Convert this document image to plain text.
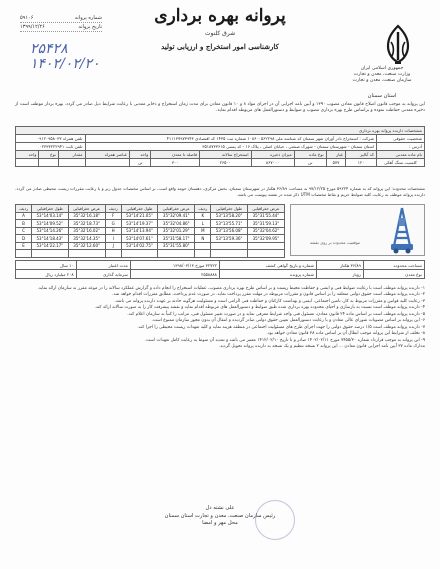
جمهوری اسلامی ایران
وزارت صنعت، معدن و تجارت
سازمان صنعت، معدن و تجارت
استان سمنان
پروانه بهره برداری
شرق کلنوت
کارشناسی امور استخراج و ارزیابی تولید
شماره پروانه
۵۹۱۰۶
تاریخ پروانه
۱۳۹۹/۱۲/۲۶
۲۵۴۲۸
۱۴۰۲/۰۲/۲۰
این پروانه به موجب قانون اصلاح قانون معادن مصوب ۱۳۹۰ و آیین نامه اجرایی آن در اجرای مواد ۸ و ۱۰ قانون معادن برای مدت زمان استخراج و ذخایر معدنی با رعایت شرایط ذیل صادر می گردد. بهره بردار موظف است از ذخیره معدنی حفاظت نموده و براساس طرح بهره برداری مصوب و ضوابط و دستورالعمل های مربوطه اقدام نماید.
مشخصات دارنده پروانه بهره برداری											
شخصیت حقوقی	شرکت : استخراج نادر آوران شهر سمنان کد شناسه ملی ۱۰۸۶۰۰۵۶۲۲۹۸ شماره ثبت ۱۴۳۵ کد اقتصادی ۴۱۱۱۳۷۹۷۳۹۴۳								تلفن همراه ۰۹۱۲۰۹۵۸۰۳۳		
آدرس :	استان سمنان - شهرستان سمنان - شهرک صنعتی ، خیابان اصلی ، پلاک ۱۶ - کد پستی ۳۵۱۸۷۳۳۶۱۵								تلفن ثابت ۰۲۳۳۳۲۲۲۹۴۱		
نام ماده معدنی	کد آنالیز	عیار	نوع ماده	میزان ذخیره	استخراج سالانه	فاصله تا معدن	واحد	عناصر همراه	مقدار	نوع	واحد
کلسیت سنگ آهکی	۱۲۰	۵۷۷	تن	۸۶۷۰۰۰	۲۶۵۰۰	۳۰۰	تن				
مشخصات محدوده: این پروانه که به شماره ۵۹۲۲۴ مورخ ۹۷/۱۲/۲۵ به مساحت ۳۶/۸۹ هکتار در شهرستان سمنان، بخش مرکزی، دهستان حومه واقع است، بر اساس مختصات جدول زیر و با رعایت مقررات زیست محیطی صادر می گردد. دارنده پروانه موظف به رعایت کلیه ضوابط حریم و نقاط مختصات UTM ذکر شده در نقشه پیوست می باشد.
ردیف	طول جغرافیایی	عرض جغرافیایی	ردیف	طول جغرافیایی	عرض جغرافیایی	ردیف	طول جغرافیایی	عرض جغرافیایی
A	53°14'03.14"	35°32'16.18"	F	53°14'21.05"	35°32'09.41"	K	53°13'58.20"	35°31'55.44"
B	53°14'09.52"	35°32'18.73"	G	53°14'19.37"	35°32'04.86"	L	53°13'55.71"	35°31'59.13"
C	53°14'14.26"	35°32'16.02"	H	53°14'13.94"	35°32'01.29"	M	53°13'56.08"	35°32'04.62"
D	53°14'18.43"	35°32'14.35"	I	53°14'07.61"	35°31'58.17"	N	53°13'59.36"	35°32'09.95"
E	53°14'22.17"	35°32'12.60"	J	53°14'02.75"	35°31'55.80"			

موقعیت محدوده بر روی نقشه
مساحت محدوده	۳۶/۸۹ هکتار	شماره و تاریخ گواهی کشف	۳۲۷۲۲ مورخ ۱۳۹۸/۰۳/۱۳	مدت اعتبار	۱۰ سال
نوع معدن	روباز	شماره پرونده	۲۵۵۸۸۸۸	سرمایه گذاری	۲۰۸ میلیارد ریال

۱- دارنده پروانه موظف است با رعایت ضوابط فنی و ایمنی و حفاظت محیط زیست و بر اساس طرح بهره برداری مصوب، عملیات استخراج را انجام داده و گزارش عملکرد سالانه را در موعد مقرر به سازمان ارائه نماید.

۲- دارنده پروانه موظف است حقوق دولتی متعلقه را بر اساس قانون و مقررات مربوطه در مهلت مقرر پرداخت نماید. در صورت عدم پرداخت، مطابق مقررات اقدام خواهد شد.

۳- رعایت کلیه قوانین و مقررات مربوط به کار، تامین اجتماعی، ایمنی و بهداشت کارکنان و حفاظت فنی الزامی است و مسئولیت هرگونه حادثه بر عهده دارنده پروانه می باشد.

۴- دارنده پروانه موظف است نسبت به بازسازی و احیای محدوده بهره برداری شده طبق ضوابط و دستورالعمل های مربوطه اقدام نماید و نقشه پیشرفت کار را به صورت سالانه ارائه کند.

۵- دارنده پروانه موظف است بر اساس ماده ۲۴ قانون معادن، مسئول فنی واجد شرایط معرفی نماید و در صورت تغییر مسئول فنی، مراتب را کتباً به سازمان اعلام کند.

۶- این پروانه بر اساس مصوبات شورای عالی معادن و با رعایت دستورالعمل تعیین حقوق دولتی صادر گردیده و انتقال آن بدون مجوز سازمان ممنوع است.

۷- دارنده پروانه موظف است ۱/۵ درصد حقوق دولتی را جهت اجرای طرح های مسئولیت اجتماعی در منطقه هزینه نماید و کلیه تعهدات زیست محیطی را اجرا کند.

۸- تخلف از شرایط این پروانه موجب ابطال آن بر اساس ماده ۳۸ قانون معادن خواهد بود.

۹- این پروانه به موجب قرارداد شماره ۷۴۵۵/۳۰ مورخ ۱۴۰۲/۰۲/۱۱ صادر و تا تاریخ ۱۴۱۲/۰۲/۱۰ معتبر می باشد و تمدید آن منوط به رعایت کامل تعهدات است.

مدارک ماده ۳۷ آیین نامه اجرایی قانون معادن ... این پروانه ۲ نسخه تنظیم و یک نسخه به دارنده پروانه تحویل گردید.

علی نشته دل
رئیس سازمان صنعت، معدن و تجارت استان سمنان
محل مهر و امضا
